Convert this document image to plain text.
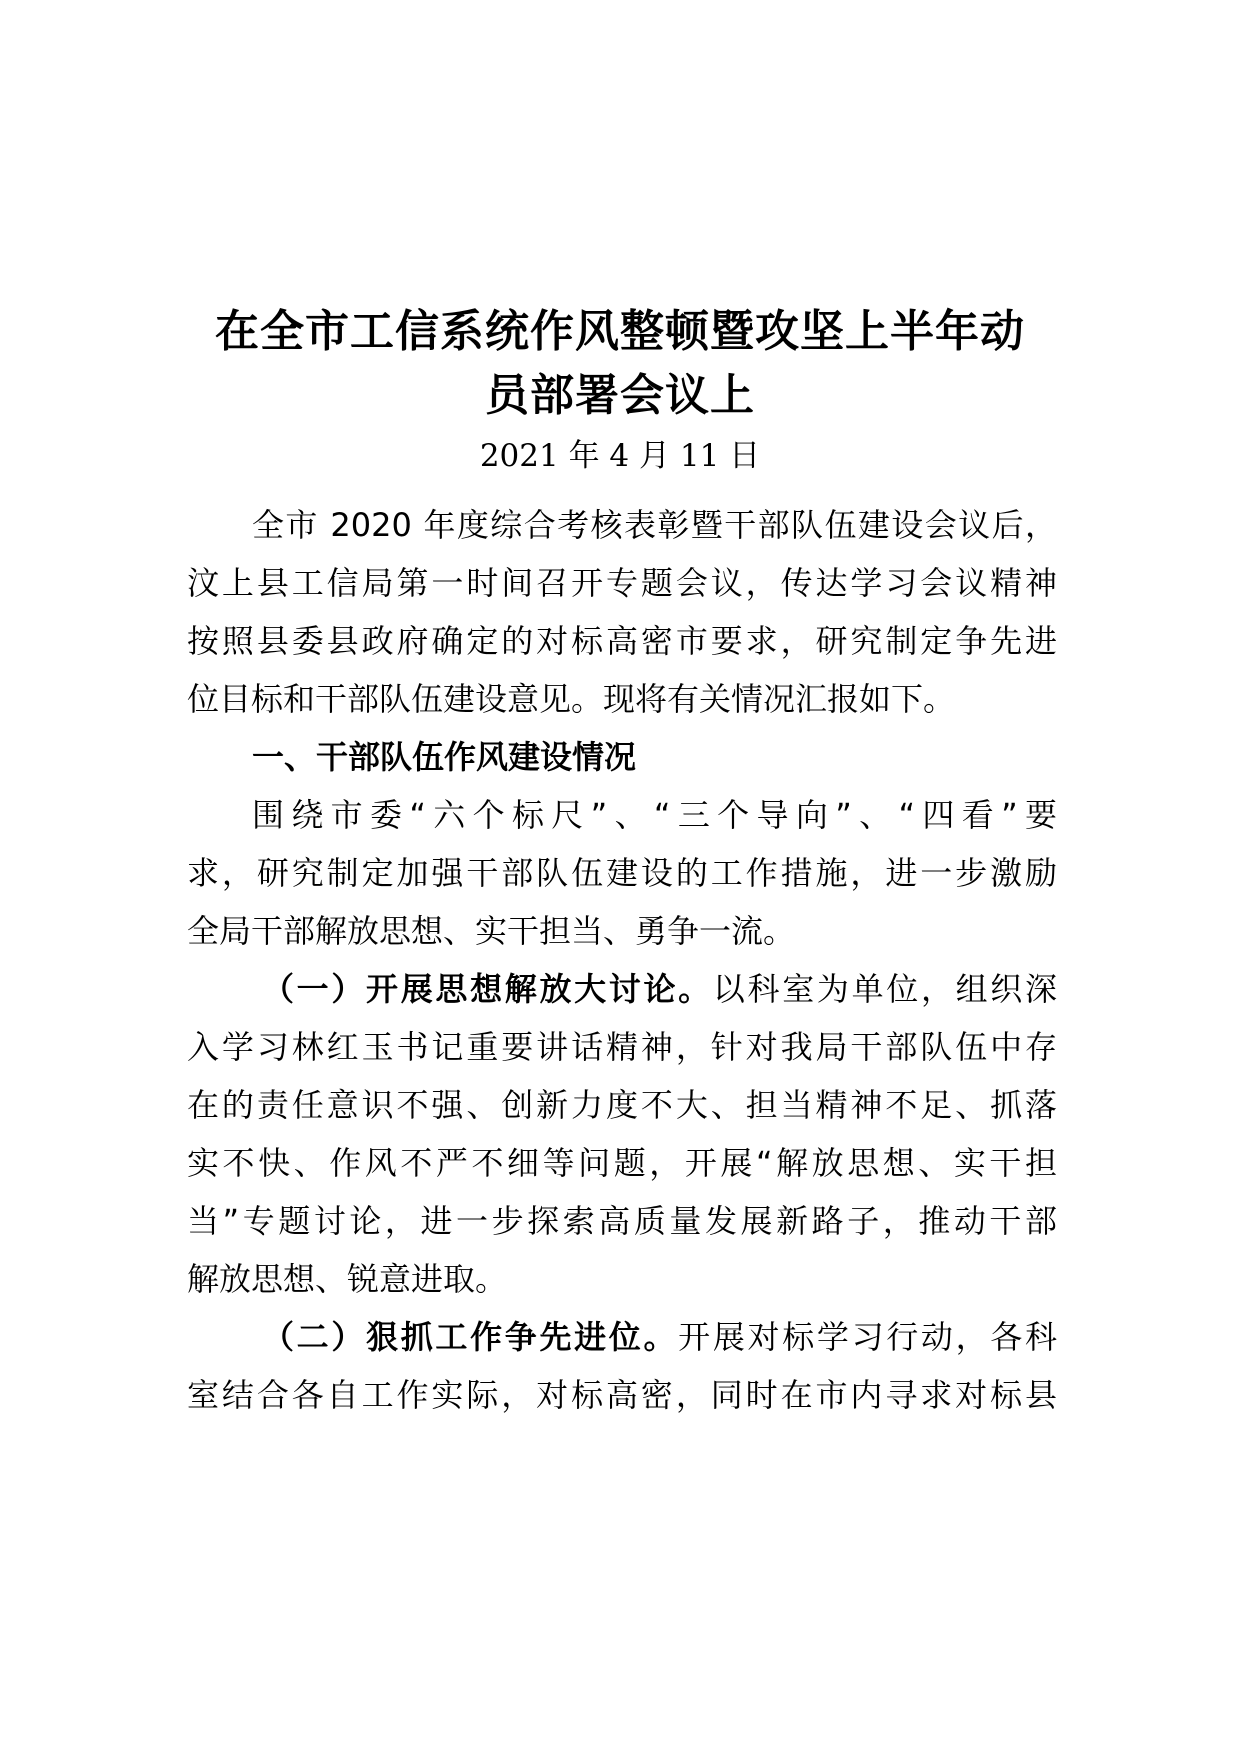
在全市工信系统作风整顿暨攻坚上半年动
员部署会议上
2021 年 4 月 11 日

全市 2020 年度综合考核表彰暨干部队伍建设会议后，

汶上县工信局第一时间召开专题会议，传达学习会议精神

按照县委县政府确定的对标高密市要求，研究制定争先进

位目标和干部队伍建设意见。现将有关情况汇报如下。

一、干部队伍作风建设情况

围绕市委“六个标尺”、“三个导向”、“四看”要

求，研究制定加强干部队伍建设的工作措施，进一步激励

全局干部解放思想、实干担当、勇争一流。

（一）开展思想解放大讨论。以科室为单位，组织深

入学习林红玉书记重要讲话精神，针对我局干部队伍中存

在的责任意识不强、创新力度不大、担当精神不足、抓落

实不快、作风不严不细等问题，开展“解放思想、实干担

当”专题讨论，进一步探索高质量发展新路子，推动干部

解放思想、锐意进取。

（二）狠抓工作争先进位。开展对标学习行动，各科

室结合各自工作实际，对标高密，同时在市内寻求对标县
